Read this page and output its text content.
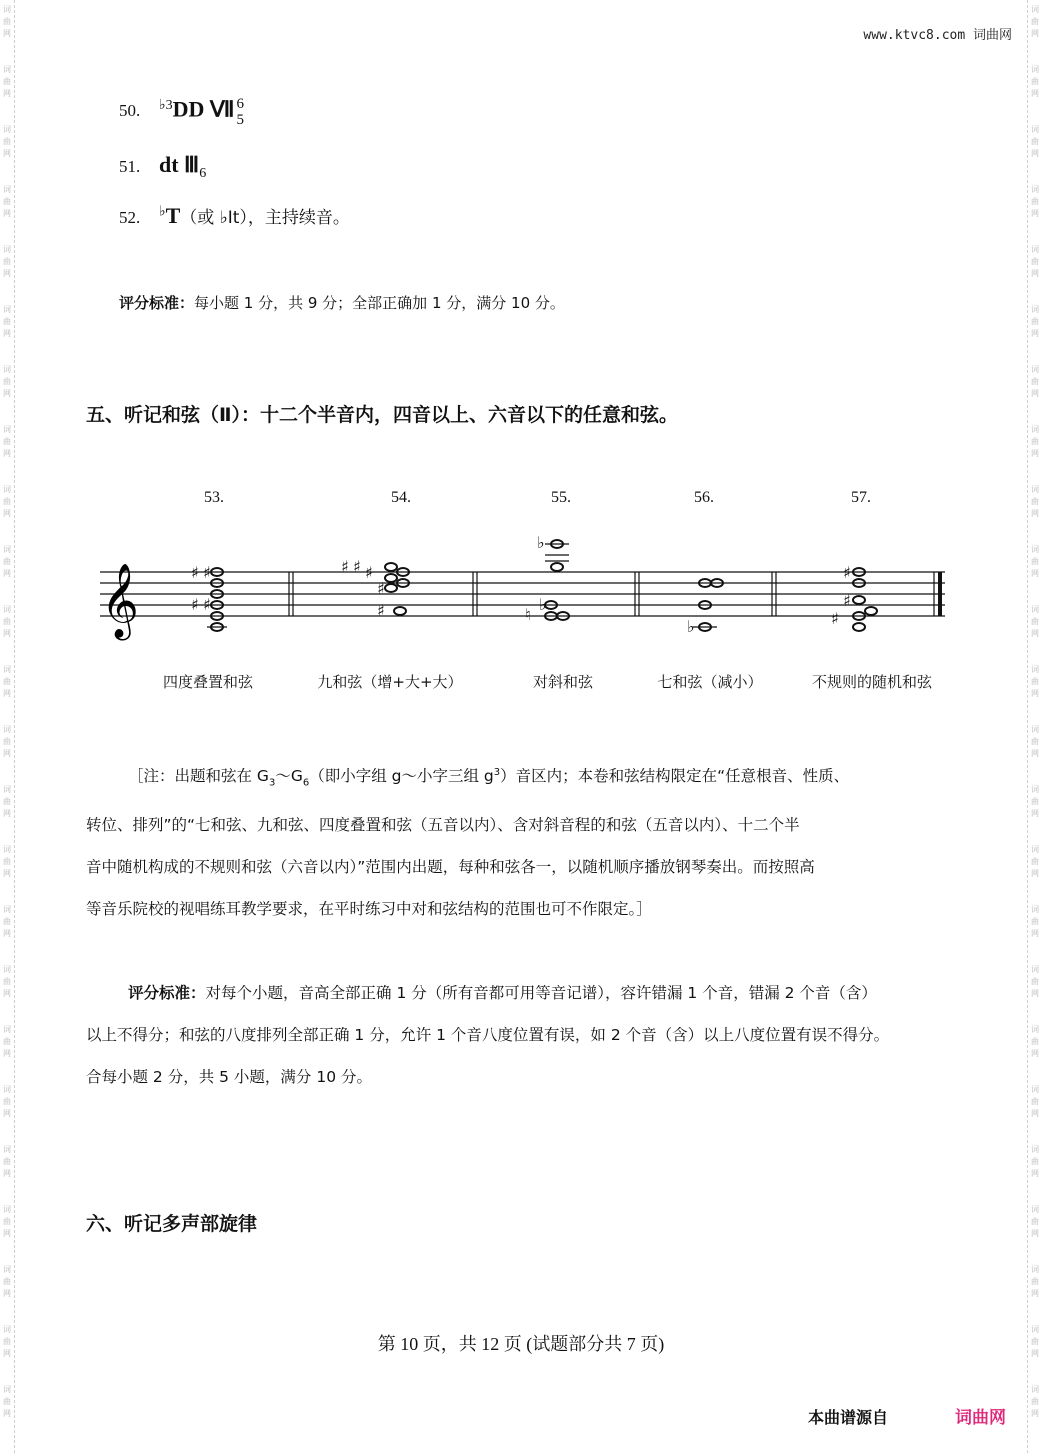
词
曲
网
词
曲
网
词
曲
网
词
曲
网
词
曲
网
词
曲
网
词
曲
网
词
曲
网
词
曲
网
词
曲
网
词
曲
网
词
曲
网
词
曲
网
词
曲
网
词
曲
网
词
曲
网
词
曲
网
词
曲
网
词
曲
网
词
曲
网
词
曲
网
词
曲
网
词
曲
网
词
曲
网
词
曲
网
词
曲
网
词
曲
网
词
曲
网
词
曲
网
词
曲
网
词
曲
网
词
曲
网
词
曲
网
词
曲
网
词
曲
网
词
曲
网
词
曲
网
词
曲
网
词
曲
网
词
曲
网
词
曲
网
词
曲
网
词
曲
网
词
曲
网
词
曲
网
词
曲
网
词
曲
网
词
曲
网
www.ktvc8.com 词曲网
50. $^{♭3}$DD Ⅶ 6
5
51. dt $Ⅲ_6$
52. ♭T（或 ♭Ⅰt），主持续音。
评分标准：每小题 1 分，共 9 分；全部正确加 1 分，满分 10 分。
五、听记和弦（Ⅱ）：十二个半音内，四音以上、六音以下的任意和弦。
53.	54.	55.	56.	57.
𝄞	♯ ♯
♯ ♯
♯ ♯ ♯
♯
♯
♭
♭
♮
♭
♯
♯
♯
四度叠置和弦	九和弦（增+大+大）	对斜和弦	七和弦（减小）	不规则的随机和弦
［注：出题和弦在 $G_3\sim G_6$（即小字组 g～小字三组 $g^3$）音区内；本卷和弦结构限定在“任意根音、性质、
转位、排列”的“七和弦、九和弦、四度叠置和弦（五音以内）、含对斜音程的和弦（五音以内）、十二个半
音中随机构成的不规则和弦（六音以内）”范围内出题，每种和弦各一，以随机顺序播放钢琴奏出。而按照高
等音乐院校的视唱练耳教学要求，在平时练习中对和弦结构的范围也可不作限定。］
评分标准：对每个小题，音高全部正确 1 分（所有音都可用等音记谱），容许错漏 1 个音，错漏 2 个音（含）
以上不得分；和弦的八度排列全部正确 1 分，允许 1 个音八度位置有误，如 2 个音（含）以上八度位置有误不得分。
合每小题 2 分，共 5 小题，满分 10 分。
六、听记多声部旋律
第 10 页，共 12 页 (试题部分共 7 页)
本曲谱源自	词曲网
